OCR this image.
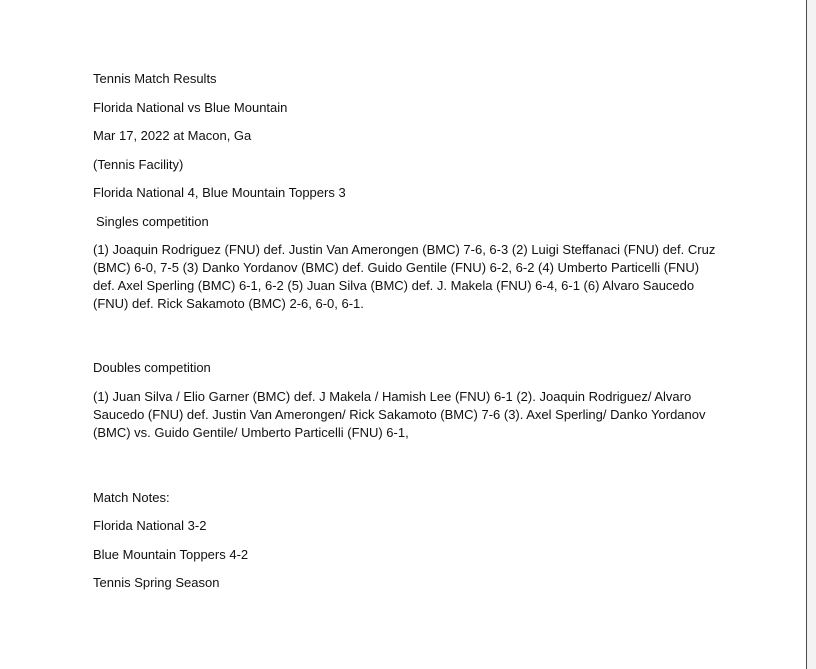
Tennis Match Results

Florida National vs Blue Mountain

Mar 17, 2022 at Macon, Ga

(Tennis Facility)

Florida National 4, Blue Mountain Toppers 3

Singles competition

(1) Joaquin Rodriguez (FNU) def. Justin Van Amerongen (BMC) 7-6, 6-3 (2) Luigi Steffanaci (FNU) def. Cruz (BMC) 6-0, 7-5 (3) Danko Yordanov (BMC) def. Guido Gentile (FNU) 6-2, 6-2 (4) Umberto Particelli (FNU) def. Axel Sperling (BMC) 6-1, 6-2 (5) Juan Silva (BMC) def. J. Makela (FNU) 6-4, 6-1 (6) Alvaro Saucedo (FNU) def. Rick Sakamoto (BMC) 2-6, 6-0, 6-1.

Doubles competition

(1) Juan Silva / Elio Garner (BMC) def. J Makela / Hamish Lee (FNU) 6-1 (2). Joaquin Rodriguez/ Alvaro Saucedo (FNU) def. Justin Van Amerongen/ Rick Sakamoto (BMC) 7-6 (3). Axel Sperling/ Danko Yordanov (BMC) vs. Guido Gentile/ Umberto Particelli (FNU) 6-1,

Match Notes:

Florida National 3-2

Blue Mountain Toppers 4-2

Tennis Spring Season
